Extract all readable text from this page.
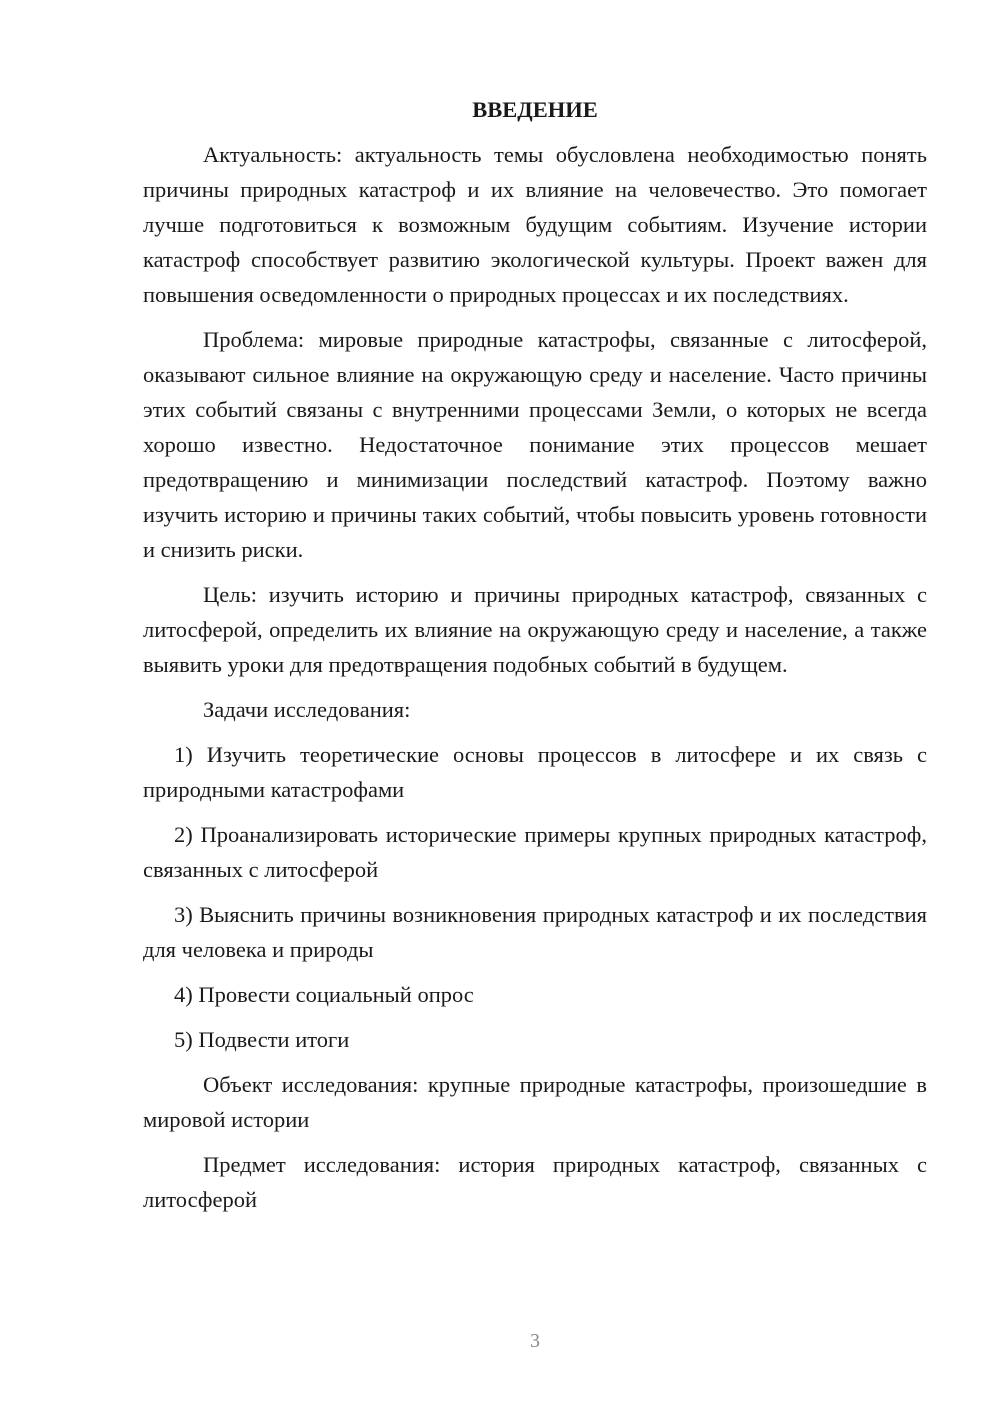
ВВЕДЕНИЕ

Актуальность: актуальность темы обусловлена необходимостью понять причины природных катастроф и их влияние на человечество. Это помогает лучше подготовиться к возможным будущим событиям. Изучение истории катастроф способствует развитию экологической культуры. Проект важен для повышения осведомленности о природных процессах и их последствиях.

Проблема: мировые природные катастрофы, связанные с литосферой, оказывают сильное влияние на окружающую среду и население. Часто причины этих событий связаны с внутренними процессами Земли, о которых не всегда хорошо известно. Недостаточное понимание этих процессов мешает предотвращению и минимизации последствий катастроф. Поэтому важно изучить историю и причины таких событий, чтобы повысить уровень готовности и снизить риски.

Цель: изучить историю и причины природных катастроф, связанных с литосферой, определить их влияние на окружающую среду и население, а также выявить уроки для предотвращения подобных событий в будущем.

Задачи исследования:

1) Изучить теоретические основы процессов в литосфере и их связь с природными катастрофами

2) Проанализировать исторические примеры крупных природных катастроф, связанных с литосферой

3) Выяснить причины возникновения природных катастроф и их последствия для человека и природы

4) Провести социальный опрос

5) Подвести итоги

Объект исследования: крупные природные катастрофы, произошедшие в мировой истории

Предмет исследования: история природных катастроф, связанных с литосферой

3
